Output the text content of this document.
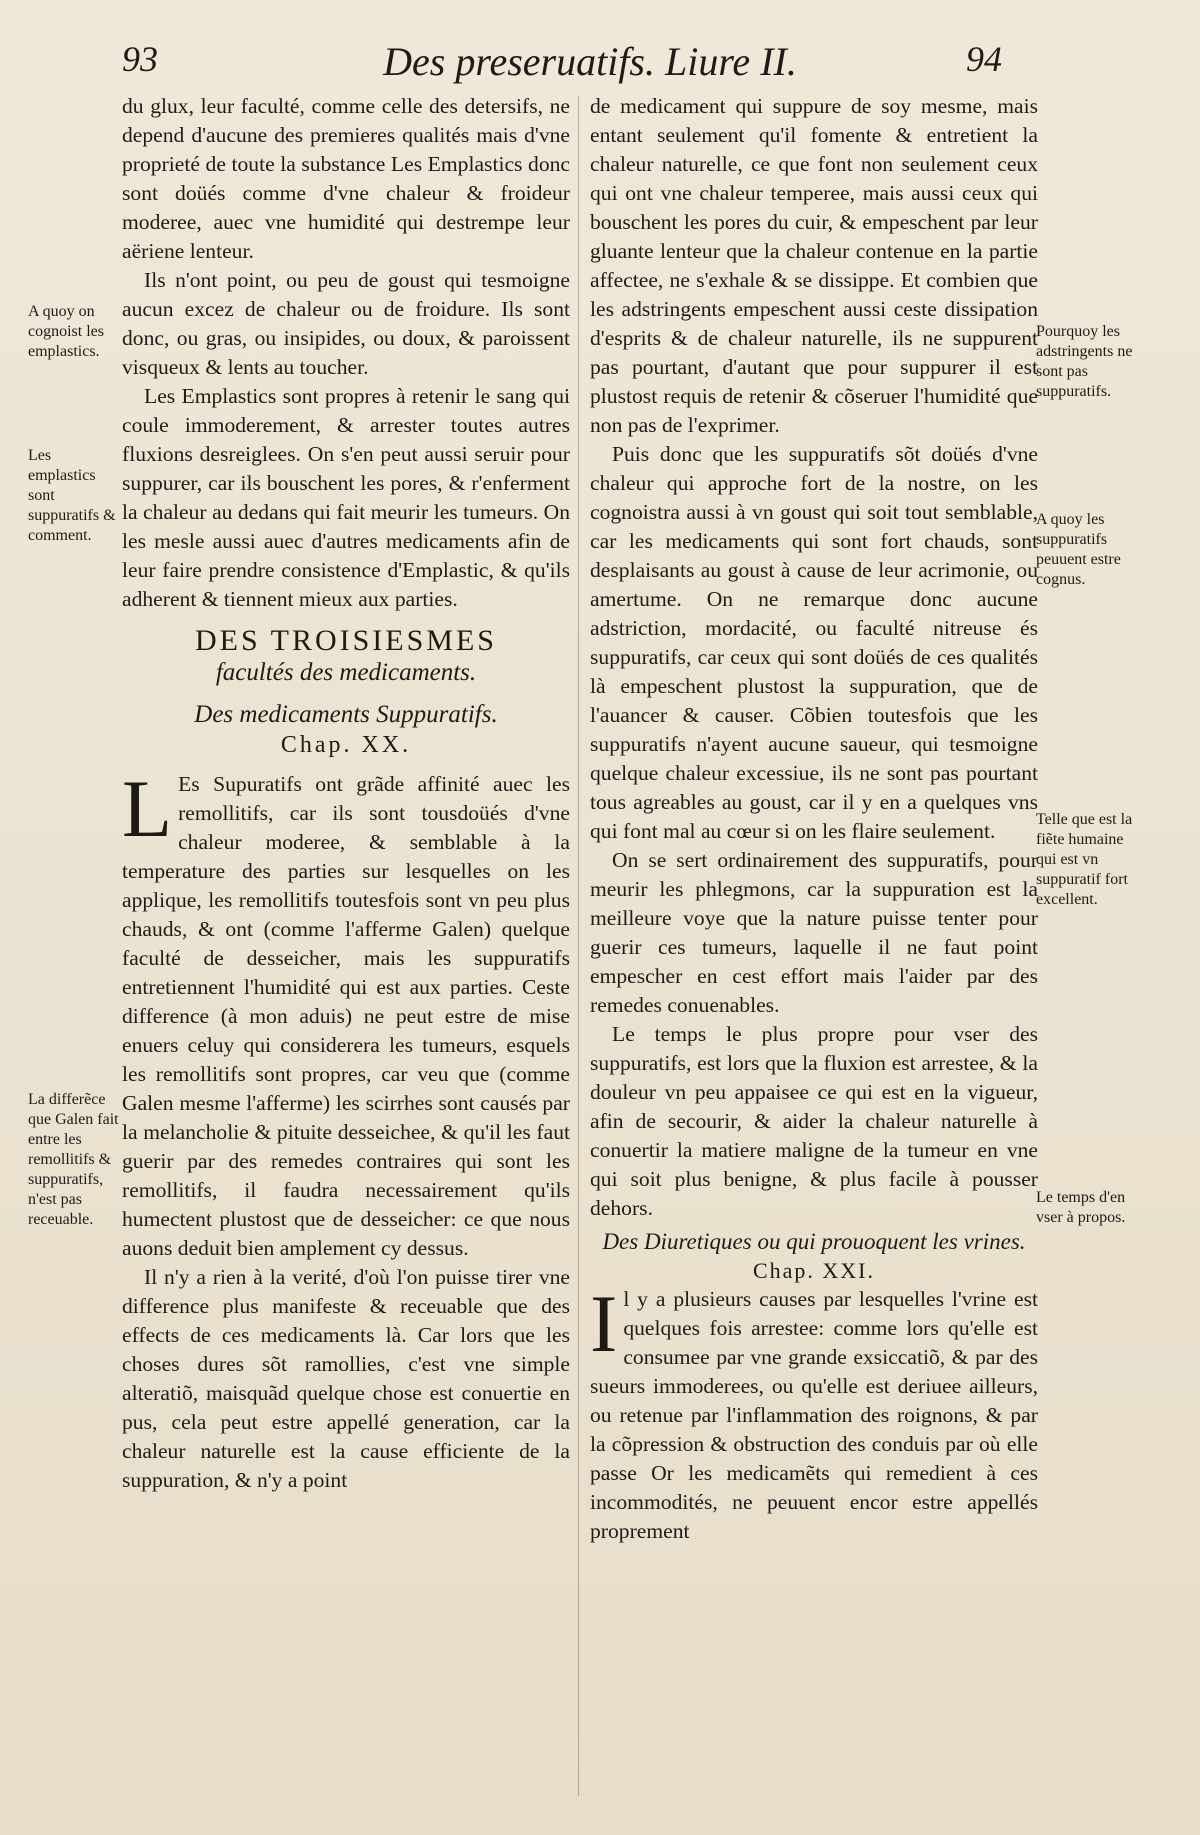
93	Des preseruatifs. Liure II.	94

du glux, leur faculté, comme celle des detersifs, ne depend d'aucune des premieres qualités mais d'vne proprieté de toute la substance Les Emplastics donc sont doüés comme d'vne chaleur & froideur moderee, auec vne humidité qui destrempe leur aëriene lenteur.

Ils n'ont point, ou peu de goust qui tesmoigne aucun excez de chaleur ou de froidure. Ils sont donc, ou gras, ou insipides, ou doux, & paroissent visqueux & lents au toucher.

Les Emplastics sont propres à retenir le sang qui coule immoderement, & arrester toutes autres fluxions desreiglees. On s'en peut aussi seruir pour suppurer, car ils bouschent les pores, & r'enferment la chaleur au dedans qui fait meurir les tumeurs. On les mesle aussi auec d'autres medicaments afin de leur faire prendre consistence d'Emplastic, & qu'ils adherent & tiennent mieux aux parties.

DES TROISIESMES
facultés des medicaments.
Des medicaments Suppuratifs.
Chap. XX.

L Es Supuratifs ont grãde affinité auec les remollitifs, car ils sont tousdoüés d'vne chaleur moderee, & semblable à la temperature des parties sur lesquelles on les applique, les remollitifs toutesfois sont vn peu plus chauds, & ont (comme l'afferme Galen) quelque faculté de desseicher, mais les suppuratifs entretiennent l'humidité qui est aux parties. Ceste difference (à mon aduis) ne peut estre de mise enuers celuy qui considerera les tumeurs, esquels les remollitifs sont propres, car veu que (comme Galen mesme l'afferme) les scirrhes sont causés par la melancholie & pituite desseichee, & qu'il les faut guerir par des remedes contraires qui sont les remollitifs, il faudra necessairement qu'ils humectent plustost que de desseicher: ce que nous auons deduit bien amplement cy dessus.

Il n'y a rien à la verité, d'où l'on puisse tirer vne difference plus manifeste & receuable que des effects de ces medicaments là. Car lors que les choses dures sõt ramollies, c'est vne simple alteratiõ, maisquãd quelque chose est conuertie en pus, cela peut estre appellé generation, car la chaleur naturelle est la cause efficiente de la suppuration, & n'y a point

de medicament qui suppure de soy mesme, mais entant seulement qu'il fomente & entretient la chaleur naturelle, ce que font non seulement ceux qui ont vne chaleur temperee, mais aussi ceux qui bouschent les pores du cuir, & empeschent par leur gluante lenteur que la chaleur contenue en la partie affectee, ne s'exhale & se dissippe. Et combien que les adstringents empeschent aussi ceste dissipation d'esprits & de chaleur naturelle, ils ne suppurent pas pourtant, d'autant que pour suppurer il est plustost requis de retenir & cõseruer l'humidité que non pas de l'exprimer.

Puis donc que les suppuratifs sõt doüés d'vne chaleur qui approche fort de la nostre, on les cognoistra aussi à vn goust qui soit tout semblable, car les medicaments qui sont fort chauds, sont desplaisants au goust à cause de leur acrimonie, ou amertume. On ne remarque donc aucune adstriction, mordacité, ou faculté nitreuse és suppuratifs, car ceux qui sont doüés de ces qualités là empeschent plustost la suppuration, que de l'auancer & causer. Cõbien toutesfois que les suppuratifs n'ayent aucune saueur, qui tesmoigne quelque chaleur excessiue, ils ne sont pas pourtant tous agreables au goust, car il y en a quelques vns qui font mal au cœur si on les flaire seulement.

On se sert ordinairement des suppuratifs, pour meurir les phlegmons, car la suppuration est la meilleure voye que la nature puisse tenter pour guerir ces tumeurs, laquelle il ne faut point empescher en cest effort mais l'aider par des remedes conuenables.

Le temps le plus propre pour vser des suppuratifs, est lors que la fluxion est arrestee, & la douleur vn peu appaisee ce qui est en la vigueur, afin de secourir, & aider la chaleur naturelle à conuertir la matiere maligne de la tumeur en vne qui soit plus benigne, & plus facile à pousser dehors.

Des Diuretiques ou qui prouoquent les vrines. Chap. XXI.

Il y a plusieurs causes par lesquelles l'vrine est quelques fois arrestee: comme lors qu'elle est consumee par vne grande exsiccatiõ, & par des sueurs immoderees, ou qu'elle est deriuee ailleurs, ou retenue par l'inflammation des roignons, & par la cõpression & obstruction des conduis par où elle passe Or les medicamẽts qui remedient à ces incommodités, ne peuuent encor estre appellés proprement

A quoy on cognoist les emplastics.
Les emplastics sont suppuratifs & comment.
La differẽce que Galen fait entre les remollitifs & suppuratifs, n'est pas receuable.
Pourquoy les adstringents ne sont pas suppuratifs.
A quoy les suppuratifs peuuent estre cognus.
Telle que est la fiẽte humaine qui est vn suppuratif fort excellent.
Le temps d'en vser à propos.
